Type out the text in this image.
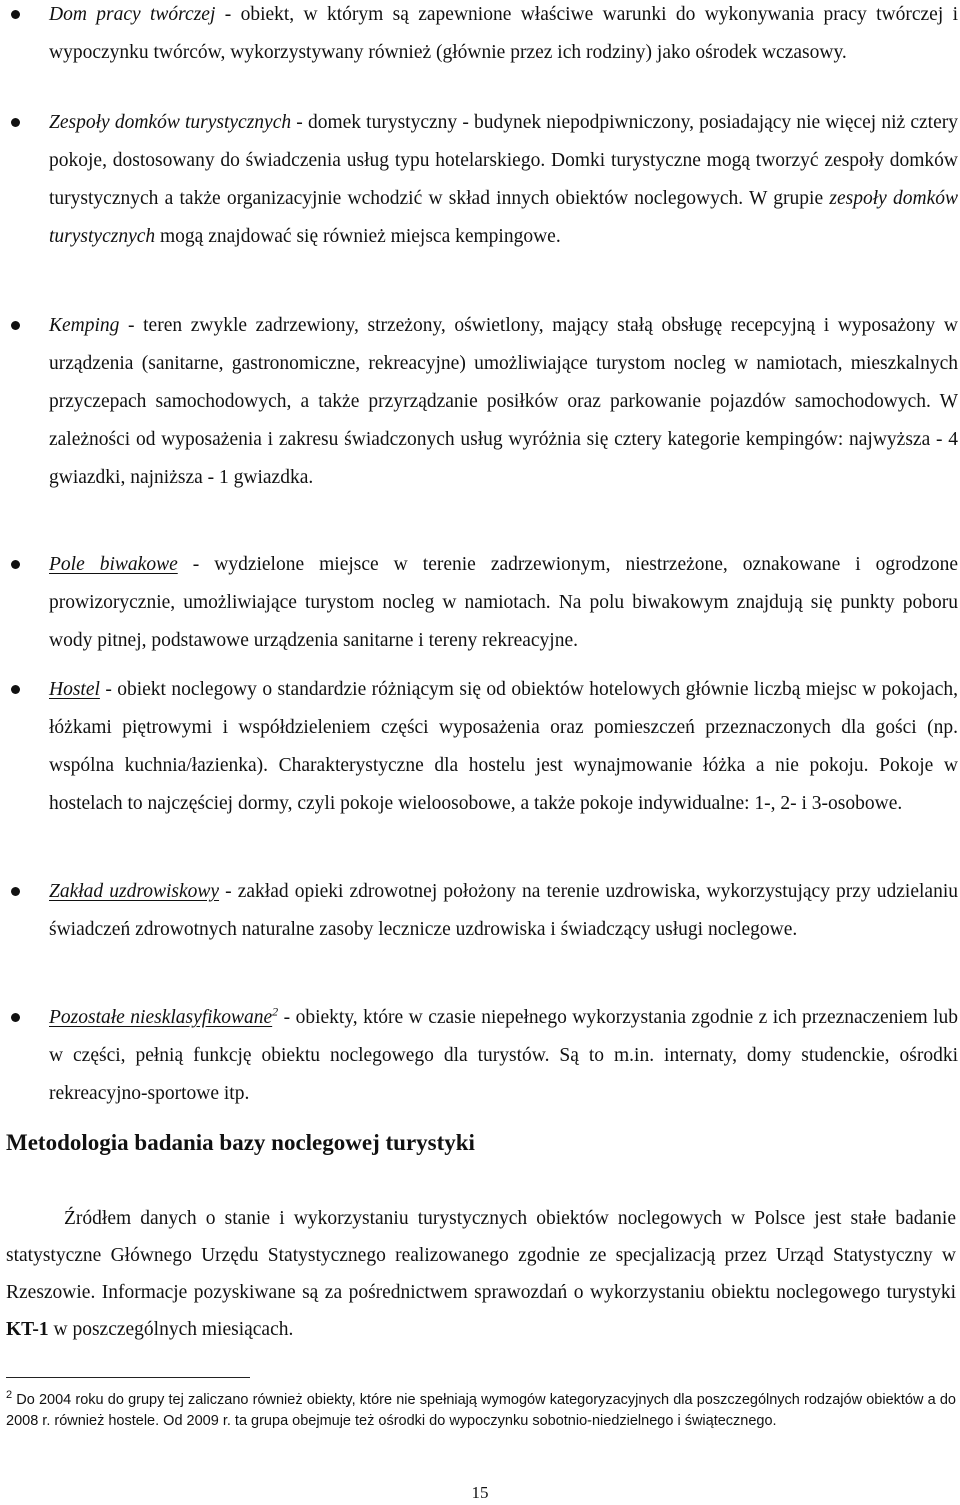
Dom pracy twórczej - obiekt, w którym są zapewnione właściwe warunki do wykonywania pracy twórczej i wypoczynku twórców, wykorzystywany również (głównie przez ich rodziny) jako ośrodek wczasowy.

Zespoły domków turystycznych - domek turystyczny - budynek niepodpiwniczony, posiadający nie więcej niż cztery pokoje, dostosowany do świadczenia usług typu hotelarskiego. Domki turystyczne mogą tworzyć zespoły domków turystycznych a także organizacyjnie wchodzić w skład innych obiektów noclegowych. W grupie zespoły domków turystycznych mogą znajdować się również miejsca kempingowe.

Kemping - teren zwykle zadrzewiony, strzeżony, oświetlony, mający stałą obsługę recepcyjną i wyposażony w urządzenia (sanitarne, gastronomiczne, rekreacyjne) umożliwiające turystom nocleg w namiotach, mieszkalnych przyczepach samochodowych, a także przyrządzanie posiłków oraz parkowanie pojazdów samochodowych. W zależności od wyposażenia i zakresu świadczonych usług wyróżnia się cztery kategorie kempingów: najwyższa - 4 gwiazdki, najniższa - 1 gwiazdka.

Pole biwakowe - wydzielone miejsce w terenie zadrzewionym, niestrzeżone, oznakowane i ogrodzone prowizorycznie, umożliwiające turystom nocleg w namiotach. Na polu biwakowym znajdują się punkty poboru wody pitnej, podstawowe urządzenia sanitarne i tereny rekreacyjne.

Hostel - obiekt noclegowy o standardzie różniącym się od obiektów hotelowych głównie liczbą miejsc w pokojach, łóżkami piętrowymi i współdzieleniem części wyposażenia oraz pomieszczeń przeznaczonych dla gości (np. wspólna kuchnia/łazienka). Charakterystyczne dla hostelu jest wynajmowanie łóżka a nie pokoju. Pokoje w hostelach to najczęściej dormy, czyli pokoje wieloosobowe, a także pokoje indywidualne: 1-, 2- i 3-osobowe.

Zakład uzdrowiskowy - zakład opieki zdrowotnej położony na terenie uzdrowiska, wykorzystujący przy udzielaniu świadczeń zdrowotnych naturalne zasoby lecznicze uzdrowiska i świadczący usługi noclegowe.

Pozostałe niesklasyfikowane$^2$ - obiekty, które w czasie niepełnego wykorzystania zgodnie z ich przeznaczeniem lub w części, pełnią funkcję obiektu noclegowego dla turystów. Są to m.in. internaty, domy studenckie, ośrodki rekreacyjno-sportowe itp.

Metodologia badania bazy noclegowej turystyki

Źródłem danych o stanie i wykorzystaniu turystycznych obiektów noclegowych w Polsce jest stałe badanie statystyczne Głównego Urzędu Statystycznego realizowanego zgodnie ze specjalizacją przez Urząd Statystyczny w Rzeszowie. Informacje pozyskiwane są za pośrednictwem sprawozdań o wykorzystaniu obiektu noclegowego turystyki KT-1 w poszczególnych miesiącach.

$^2$ Do 2004 roku do grupy tej zaliczano również obiekty, które nie spełniają wymogów kategoryzacyjnych dla poszczególnych rodzajów obiektów a do 2008 r. również hostele. Od 2009 r. ta grupa obejmuje też ośrodki do wypoczynku sobotnio-niedzielnego i świątecznego.

15
